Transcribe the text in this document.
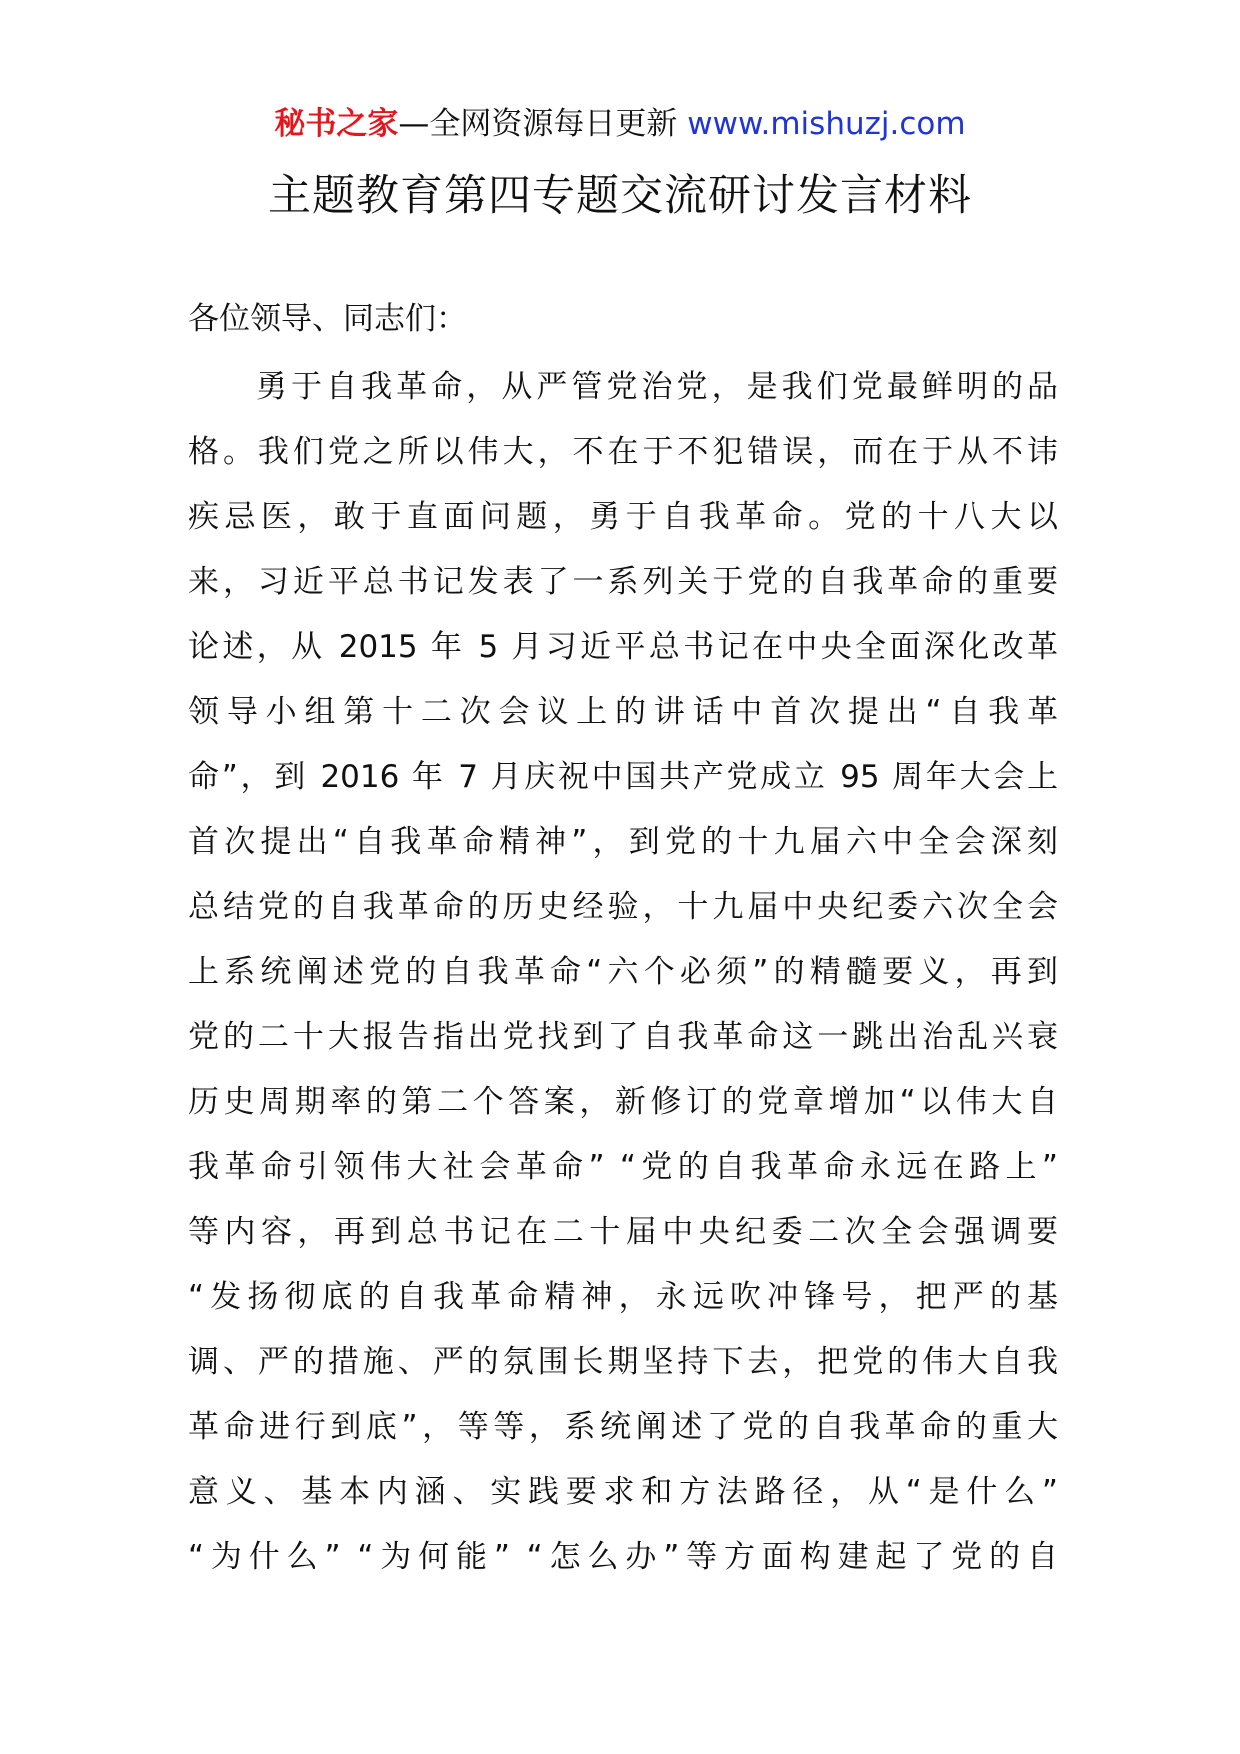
秘书之家—全网资源每日更新 www.mishuzj.com
主题教育第四专题交流研讨发言材料
各位领导、同志们：
勇于自我革命，从严管党治党，是我们党最鲜明的品
格。我们党之所以伟大，不在于不犯错误，而在于从不讳
疾忌医，敢于直面问题，勇于自我革命。党的十八大以
来，习近平总书记发表了一系列关于党的自我革命的重要
论述，从 2015 年 5 月习近平总书记在中央全面深化改革
领导小组第十二次会议上的讲话中首次提出“自我革
命”，到 2016 年 7 月庆祝中国共产党成立 95 周年大会上
首次提出“自我革命精神”，到党的十九届六中全会深刻
总结党的自我革命的历史经验，十九届中央纪委六次全会
上系统阐述党的自我革命“六个必须”的精髓要义，再到
党的二十大报告指出党找到了自我革命这一跳出治乱兴衰
历史周期率的第二个答案，新修订的党章增加“以伟大自
我革命引领伟大社会革命” “党的自我革命永远在路上”
等内容，再到总书记在二十届中央纪委二次全会强调要
“发扬彻底的自我革命精神，永远吹冲锋号，把严的基
调、严的措施、严的氛围长期坚持下去，把党的伟大自我
革命进行到底”，等等，系统阐述了党的自我革命的重大
意义、基本内涵、实践要求和方法路径，从“是什么”
“为什么” “为何能” “怎么办”等方面构建起了党的自
